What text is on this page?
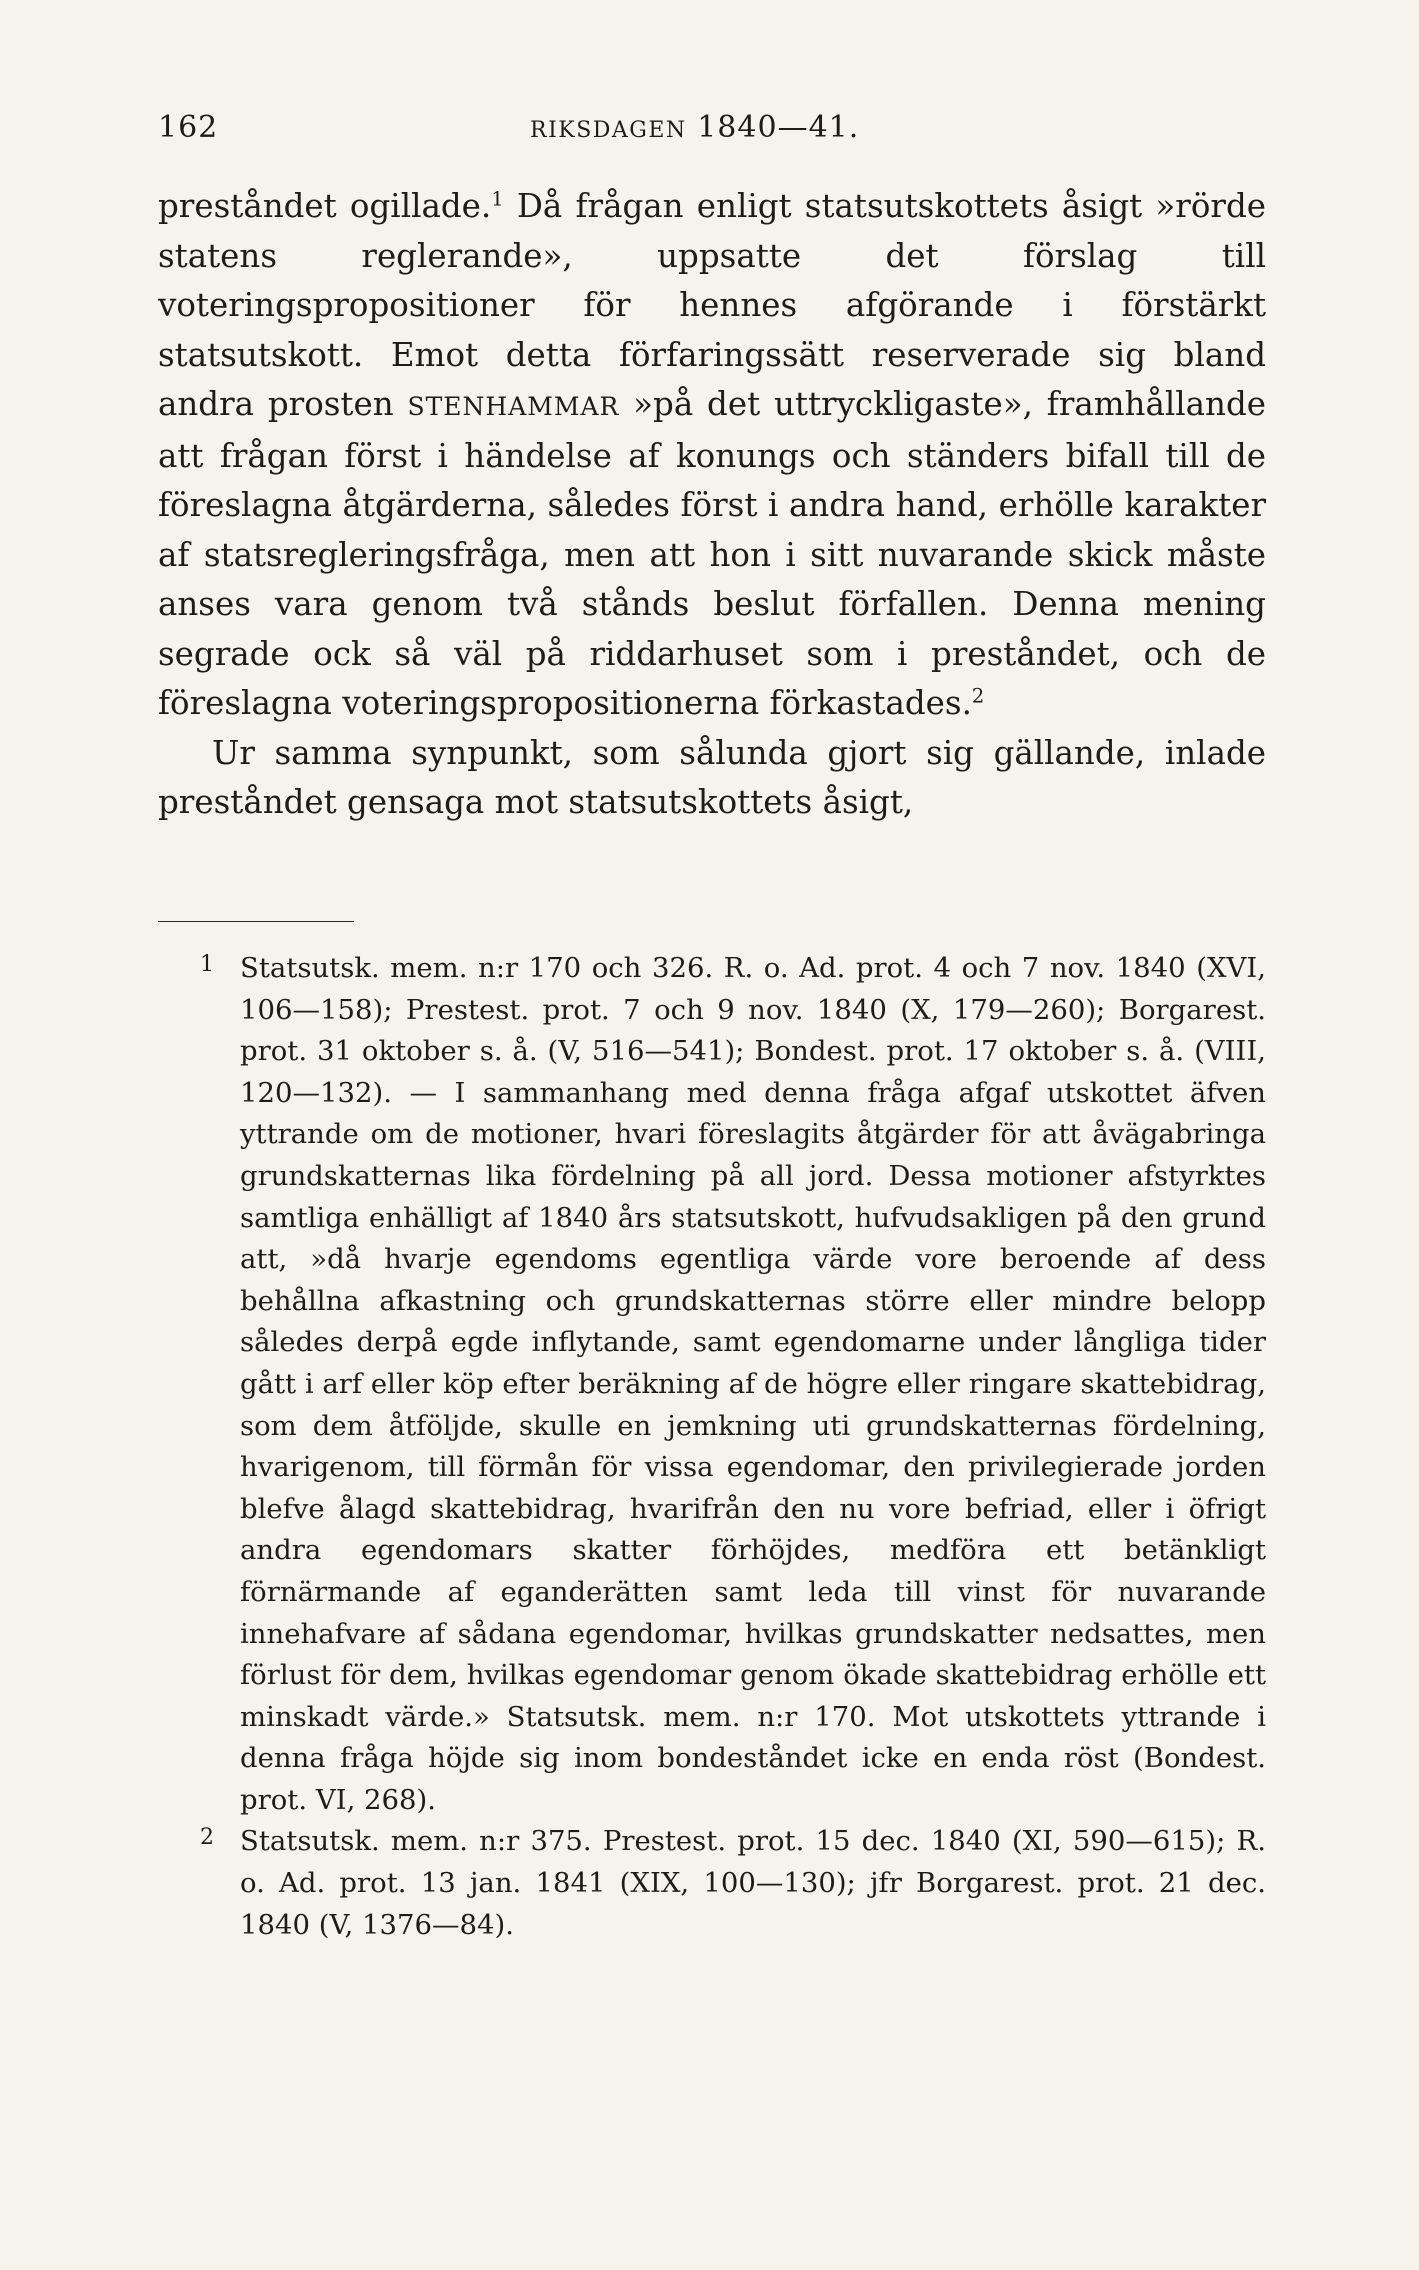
162	RIKSDAGEN 1840—41.

preståndet ogillade.$^1$ Då frågan enligt statsutskottets åsigt »rörde statens reglerande», uppsatte det förslag till voteringspropositioner för hennes afgörande i förstärkt statsutskott. Emot detta förfaringssätt reserverade sig bland andra prosten STENHAMMAR »på det uttryckligaste», framhållande att frågan först i händelse af konungs och ständers bifall till de föreslagna åtgärderna, således först i andra hand, erhölle karakter af statsregleringsfråga, men att hon i sitt nuvarande skick måste anses vara genom två stånds beslut förfallen. Denna mening segrade ock så väl på riddarhuset som i preståndet, och de föreslagna voteringspropositionerna förkastades.$^2$

Ur samma synpunkt, som sålunda gjort sig gällande, inlade preståndet gensaga mot statsutskottets åsigt,

1 Statsutsk. mem. n:r 170 och 326. R. o. Ad. prot. 4 och 7 nov. 1840 (XVI, 106—158); Prestest. prot. 7 och 9 nov. 1840 (X, 179—260); Borgarest. prot. 31 oktober s. å. (V, 516—541); Bondest. prot. 17 oktober s. å. (VIII, 120—132). — I sammanhang med denna fråga afgaf utskottet äfven yttrande om de motioner, hvari föreslagits åtgärder för att åvägabringa grundskatternas lika fördelning på all jord. Dessa motioner afstyrktes samtliga enhälligt af 1840 års statsutskott, hufvudsakligen på den grund att, »då hvarje egendoms egentliga värde vore beroende af dess behållna afkastning och grundskatternas större eller mindre belopp således derpå egde inflytande, samt egendomarne under långliga tider gått i arf eller köp efter beräkning af de högre eller ringare skattebidrag, som dem åtföljde, skulle en jemkning uti grundskatternas fördelning, hvarigenom, till förmån för vissa egendomar, den privilegierade jorden blefve ålagd skattebidrag, hvarifrån den nu vore befriad, eller i öfrigt andra egendomars skatter förhöjdes, medföra ett betänkligt förnärmande af eganderätten samt leda till vinst för nuvarande innehafvare af sådana egendomar, hvilkas grundskatter nedsattes, men förlust för dem, hvilkas egendomar genom ökade skattebidrag erhölle ett minskadt värde.» Statsutsk. mem. n:r 170. Mot utskottets yttrande i denna fråga höjde sig inom bondeståndet icke en enda röst (Bondest. prot. VI, 268).

2 Statsutsk. mem. n:r 375. Prestest. prot. 15 dec. 1840 (XI, 590—615); R. o. Ad. prot. 13 jan. 1841 (XIX, 100—130); jfr Borgarest. prot. 21 dec. 1840 (V, 1376—84).
